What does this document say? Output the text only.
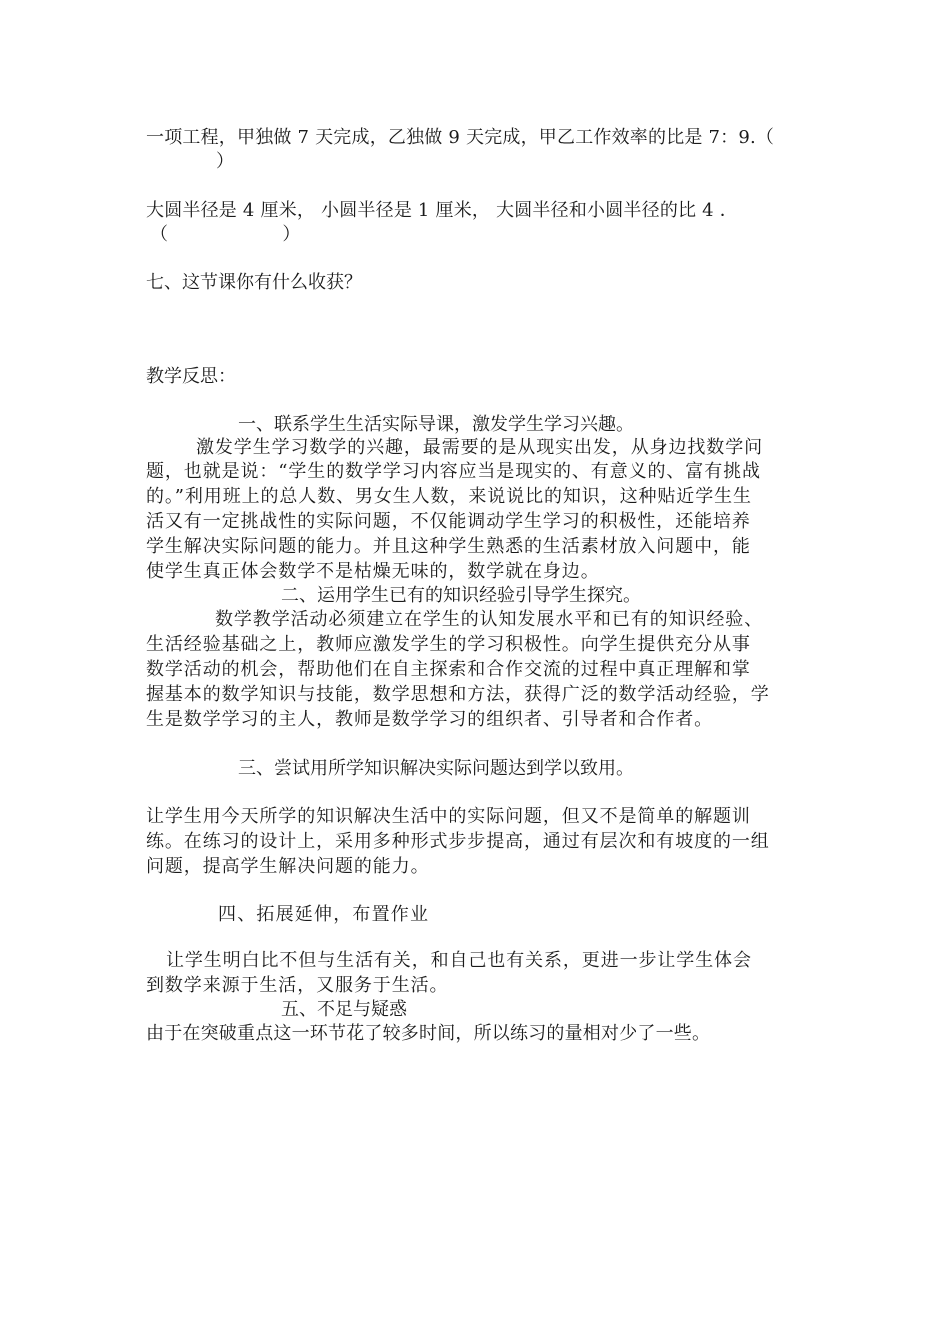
一项工程，甲独做 7 天完成，乙独做 9 天完成，甲乙工作效率的比是 7：9.（
）
大圆半径是 4 厘米， 小圆半径是 1 厘米， 大圆半径和小圆半径的比 4 ．
（                    ）
七、这节课你有什么收获？
教学反思：
一、联系学生生活实际导课，激发学生学习兴趣。
激发学生学习数学的兴趣，最需要的是从现实出发，从身边找数学问
题，也就是说：“学生的数学学习内容应当是现实的、有意义的、富有挑战
的。”利用班上的总人数、男女生人数，来说说比的知识，这种贴近学生生
活又有一定挑战性的实际问题，不仅能调动学生学习的积极性，还能培养
学生解决实际问题的能力。并且这种学生熟悉的生活素材放入问题中，能
使学生真正体会数学不是枯燥无味的，数学就在身边。
二、运用学生已有的知识经验引导学生探究。
数学教学活动必须建立在学生的认知发展水平和已有的知识经验、
生活经验基础之上，教师应激发学生的学习积极性。向学生提供充分从事
数学活动的机会，帮助他们在自主探索和合作交流的过程中真正理解和掌
握基本的数学知识与技能，数学思想和方法，获得广泛的数学活动经验，学
生是数学学习的主人，教师是数学学习的组织者、引导者和合作者。
三、尝试用所学知识解决实际问题达到学以致用。
让学生用今天所学的知识解决生活中的实际问题，但又不是简单的解题训
练。在练习的设计上，采用多种形式步步提高，通过有层次和有坡度的一组
问题，提高学生解决问题的能力。
四、拓展延伸，布置作业
让学生明白比不但与生活有关，和自己也有关系，更进一步让学生体会
到数学来源于生活，又服务于生活。
五、不足与疑惑
由于在突破重点这一环节花了较多时间，所以练习的量相对少了一些。
